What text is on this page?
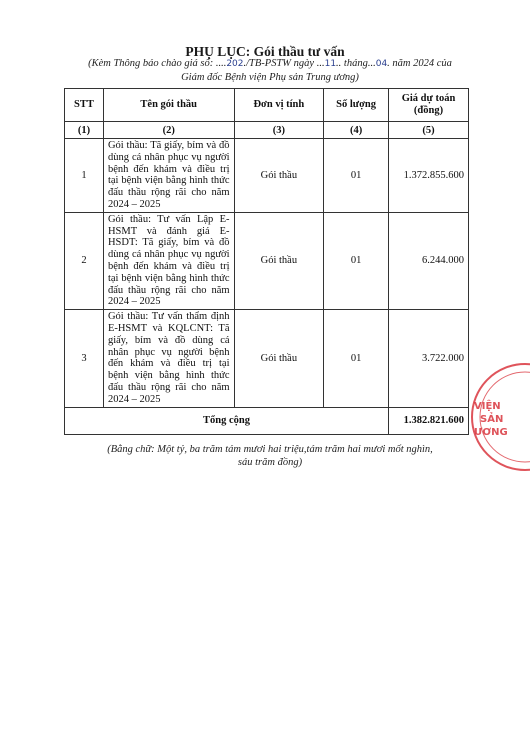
PHỤ LỤC: Gói thầu tư vấn
(Kèm Thông báo chào giá số: ....202./TB-PSTW ngày ...11.. tháng...04. năm 2024 của
Giám đốc Bệnh viện Phụ sản Trung ương)
STT	Tên gói thầu	Đơn vị tính	Số lượng	Giá dự toán (đồng)
(1)	(2)	(3)	(4)	(5)
1	Gói thầu: Tã giấy, bỉm và đồ dùng cá nhân phục vụ người bệnh đến khám và điều trị tại bệnh viện bằng hình thức đấu thầu rộng rãi cho năm 2024 – 2025	Gói thầu	01	1.372.855.600
2	Gói thầu: Tư vấn Lập E-HSMT và đánh giá E-HSDT: Tã giấy, bỉm và đồ dùng cá nhân phục vụ người bệnh đến khám và điều trị tại bệnh viện bằng hình thức đấu thầu rộng rãi cho năm 2024 – 2025	Gói thầu	01	6.244.000
3	Gói thầu: Tư vấn thẩm định E-HSMT và KQLCNT: Tã giấy, bỉm và đồ dùng cá nhân phục vụ người bệnh đến khám và điều trị tại bệnh viện bằng hình thức đấu thầu rộng rãi cho năm 2024 – 2025	Gói thầu	01	3.722.000
Tổng cộng				1.382.821.600
(Bằng chữ: Một tỷ, ba trăm tám mươi hai triệu,tám trăm hai mươi mốt nghìn, sáu trăm đồng)
VIỆN
SẢN
ƯƠNG
